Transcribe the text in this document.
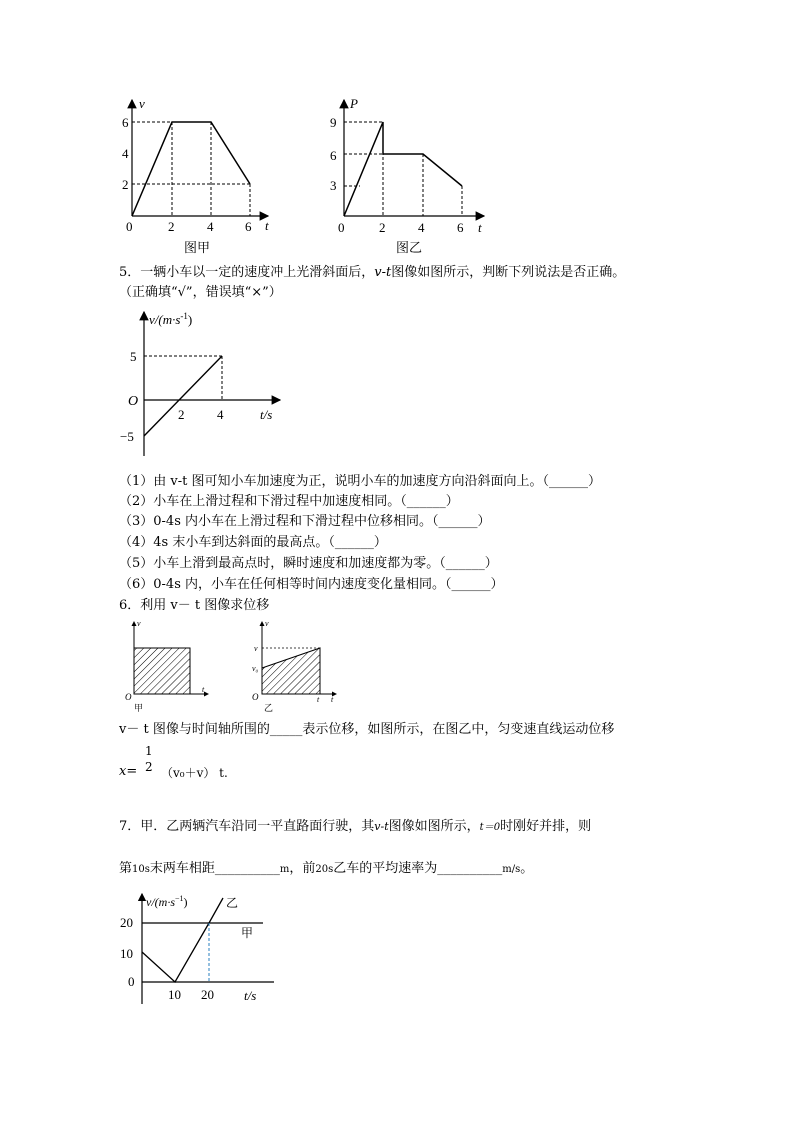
v
t
0
2
4
6
2	4 6
图甲
P
t
0
3
6
9
2	4	6
图乙
5．一辆小车以一定的速度冲上光滑斜面后，v-t图像如图所示，判断下列说法是否正确。
（正确填“√”，错误填“×”）
$v/(m\cdot s^{-1})$
t/s
O
5
−5
2	4
（1）由 v-t 图可知小车加速度为正，说明小车的加速度方向沿斜面向上。（______）
（2）小车在上滑过程和下滑过程中加速度相同。（______）
（3）0-4s 内小车在上滑过程和下滑过程中位移相同。（______）
（4）4s 末小车到达斜面的最高点。（______）
（5）小车上滑到最高点时，瞬时速度和加速度都为零。（______）
（6）0-4s 内，小车在任何相等时间内速度变化量相同。（______）
6．利用 v－ t 图像求位移
v
t
O
甲
v
t
O
v
v₀
t
乙
v－ t 图像与时间轴所围的_____表示位移，如图所示，在图乙中，匀变速直线运动位移
x=
1
2 （v₀＋v） t.
7．甲．乙两辆汽车沿同一平直路面行驶，其v-t图像如图所示，t＝0时刚好并排，则
第10s末两车相距__________m，前20s乙车的平均速率为__________m/s。
$v/(m\cdot s^{-1})$	乙
甲
20
10
0
10 20 t/s
